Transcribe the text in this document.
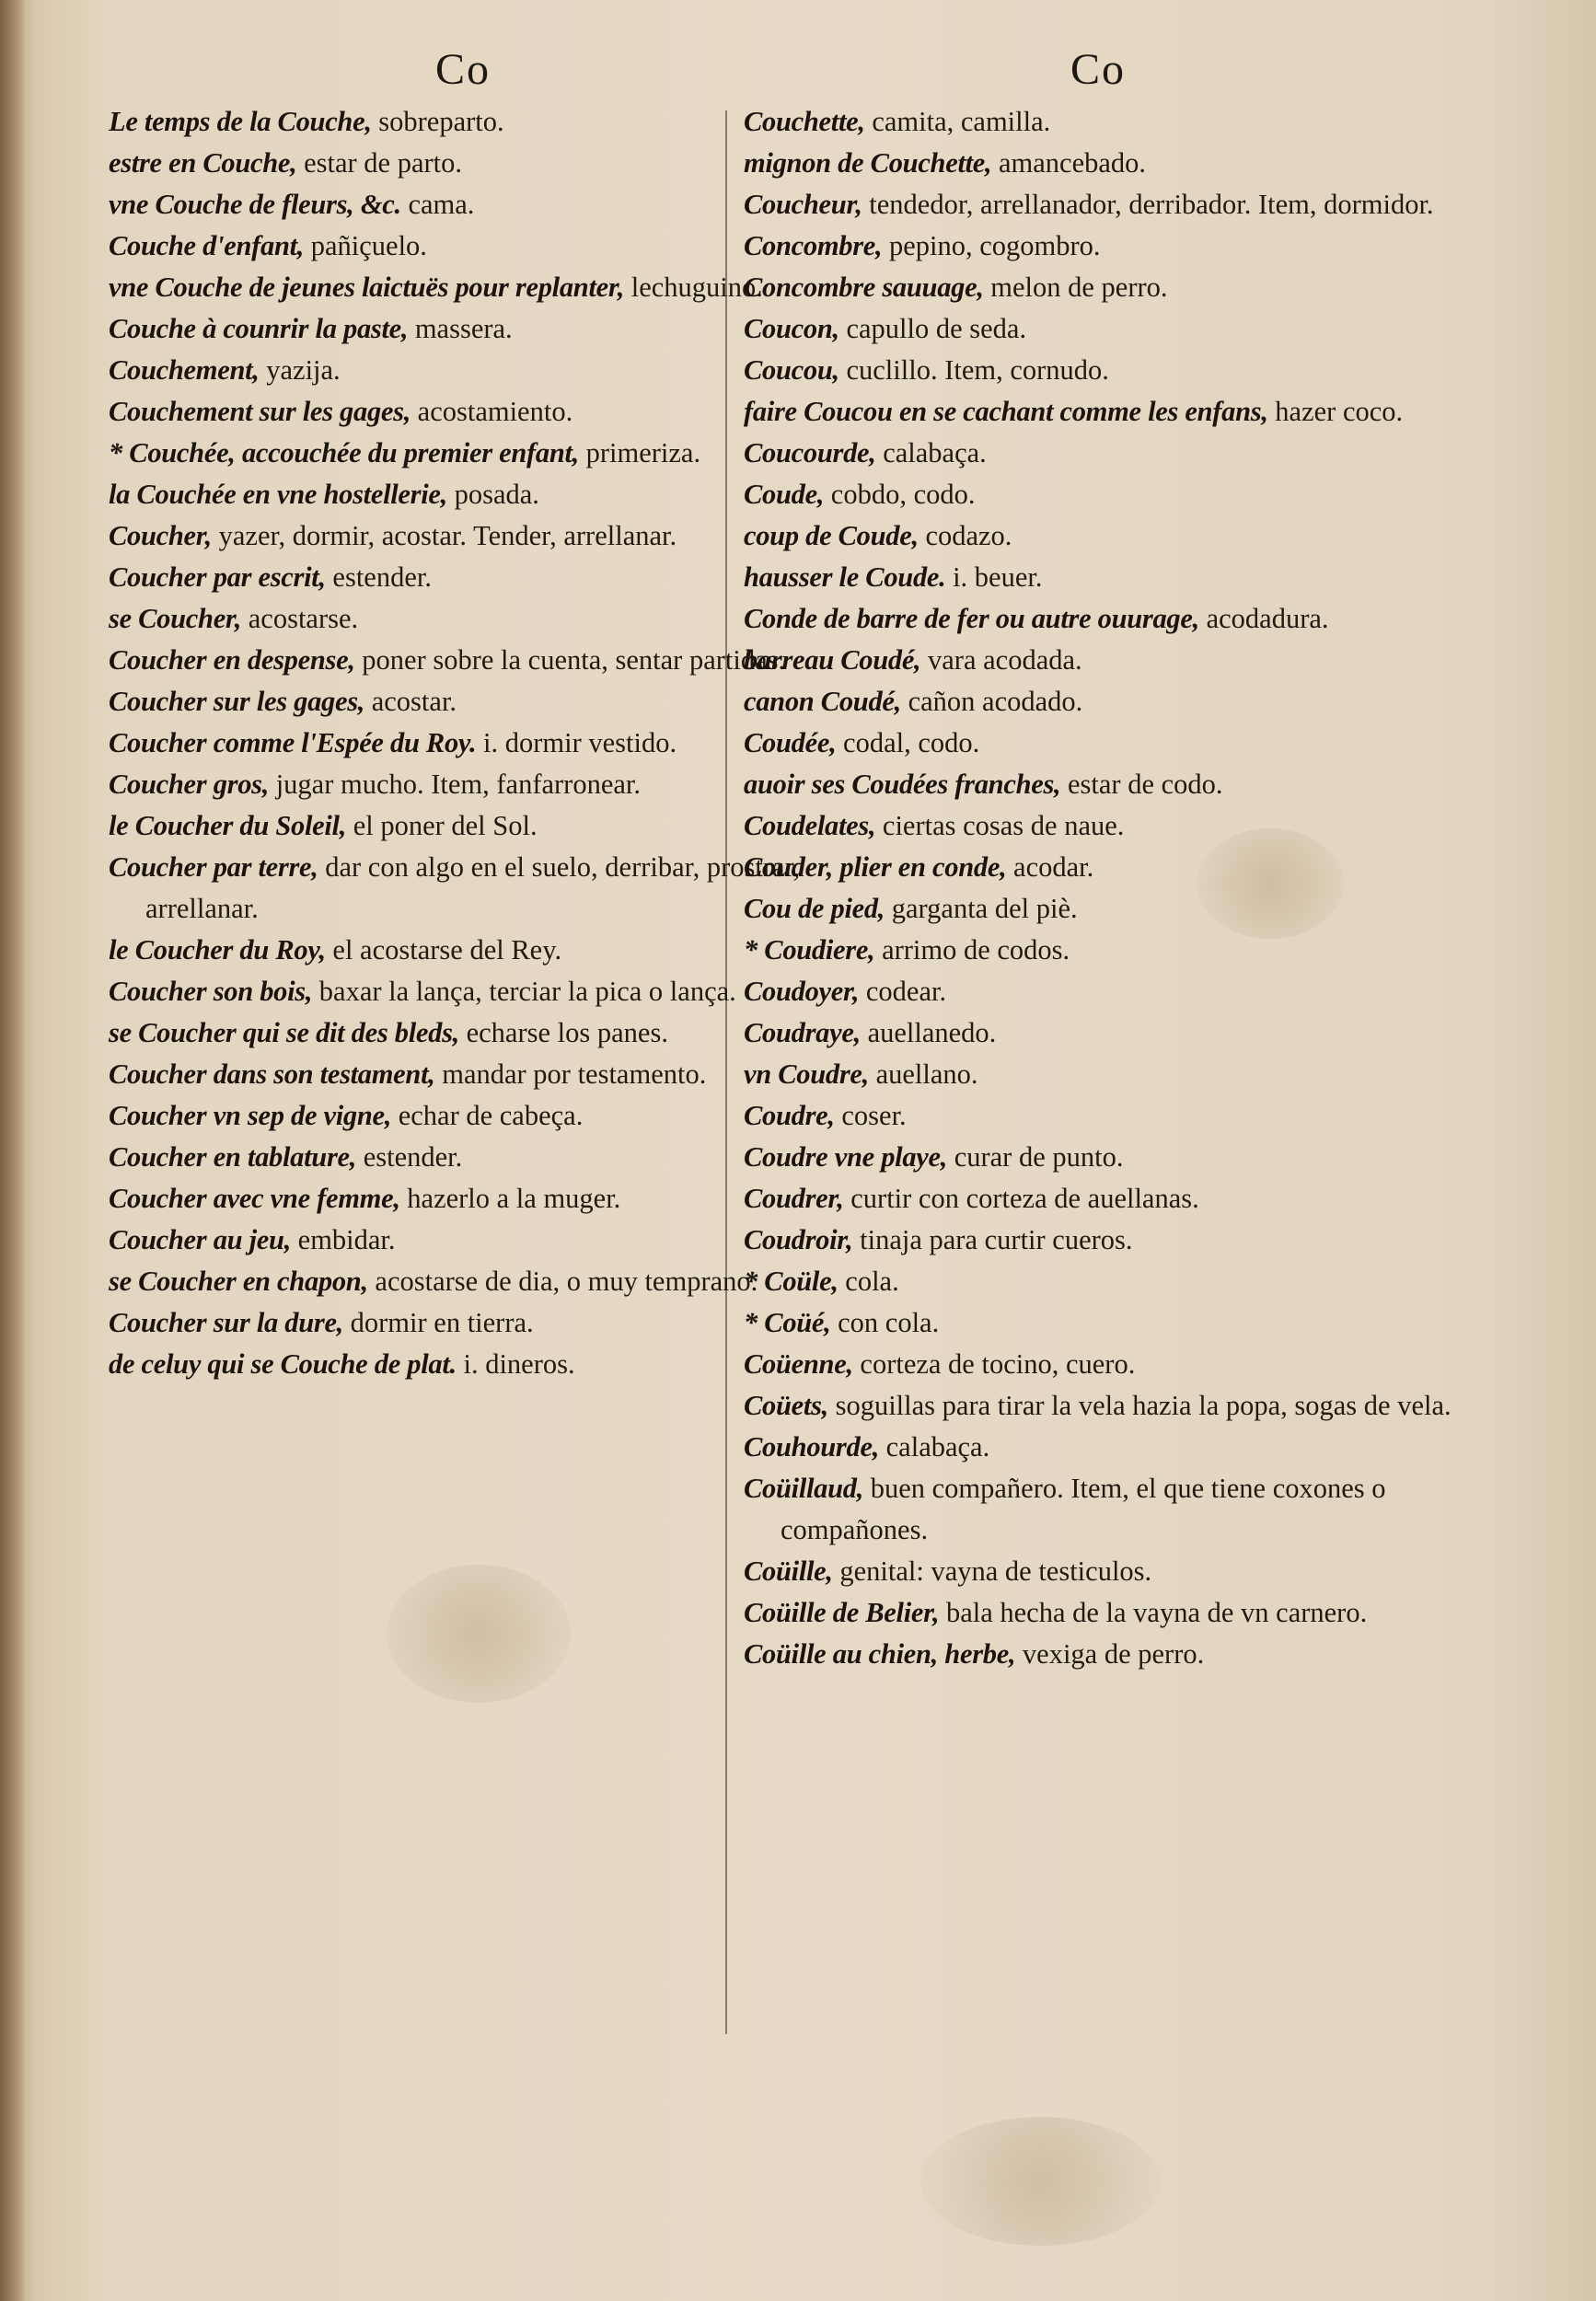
Co
Le temps de la Couche, sobreparto.
estre en Couche, estar de parto.
vne Couche de fleurs, &c. cama.
Couche d'enfant, pañiçuelo.
vne Couche de jeunes laictuës pour replanter, lechuguino.
Couche à counrir la paste, massera.
Couchement, yazija.
Couchement sur les gages, acostamiento.
* Couchée, accouchée du premier enfant, primeriza.
la Couchée en vne hostellerie, posada.
Coucher, yazer, dormir, acostar. Tender, arrellanar.
Coucher par escrit, estender.
se Coucher, acostarse.
Coucher en despense, poner sobre la cuenta, sentar partidas.
Coucher sur les gages, acostar.
Coucher comme l'Espée du Roy. i. dormir vestido.
Coucher gros, jugar mucho. Item, fanfarronear.
le Coucher du Soleil, el poner del Sol.
Coucher par terre, dar con algo en el suelo, derribar, prostrar, arrellanar.
le Coucher du Roy, el acostarse del Rey.
Coucher son bois, baxar la lança, terciar la pica o lança.
se Coucher qui se dit des bleds, echarse los panes.
Coucher dans son testament, mandar por testamento.
Coucher vn sep de vigne, echar de cabeça.
Coucher en tablature, estender.
Coucher avec vne femme, hazerlo a la muger.
Coucher au jeu, embidar.
se Coucher en chapon, acostarse de dia, o muy temprano.
Coucher sur la dure, dormir en tierra.
de celuy qui se Couche de plat. i. dineros.
Co
Couchette, camita, camilla.
mignon de Couchette, amancebado.
Coucheur, tendedor, arrellanador, derribador. Item, dormidor.
Concombre, pepino, cogombro.
Concombre sauuage, melon de perro.
Coucon, capullo de seda.
Coucou, cuclillo. Item, cornudo.
faire Coucou en se cachant comme les enfans, hazer coco.
Coucourde, calabaça.
Coude, cobdo, codo.
coup de Coude, codazo.
hausser le Coude. i. beuer.
Conde de barre de fer ou autre ouurage, acodadura.
barreau Coudé, vara acodada.
canon Coudé, cañon acodado.
Coudée, codal, codo.
auoir ses Coudées franches, estar de codo.
Coudelates, ciertas cosas de naue.
Couder, plier en conde, acodar.
Cou de pied, garganta del piè.
* Coudiere, arrimo de codos.
Coudoyer, codear.
Coudraye, auellanedo.
vn Coudre, auellano.
Coudre, coser.
Coudre vne playe, curar de punto.
Coudrer, curtir con corteza de auellanas.
Coudroir, tinaja para curtir cueros.
* Coüle, cola.
* Coüé, con cola.
Coüenne, corteza de tocino, cuero.
Coüets, soguillas para tirar la vela hazia la popa, sogas de vela.
Couhourde, calabaça.
Coüillaud, buen compañero. Item, el que tiene coxones o compañones.
Coüille, genital: vayna de testiculos.
Coüille de Belier, bala hecha de la vayna de vn carnero.
Coüille au chien, herbe, vexiga de perro.
